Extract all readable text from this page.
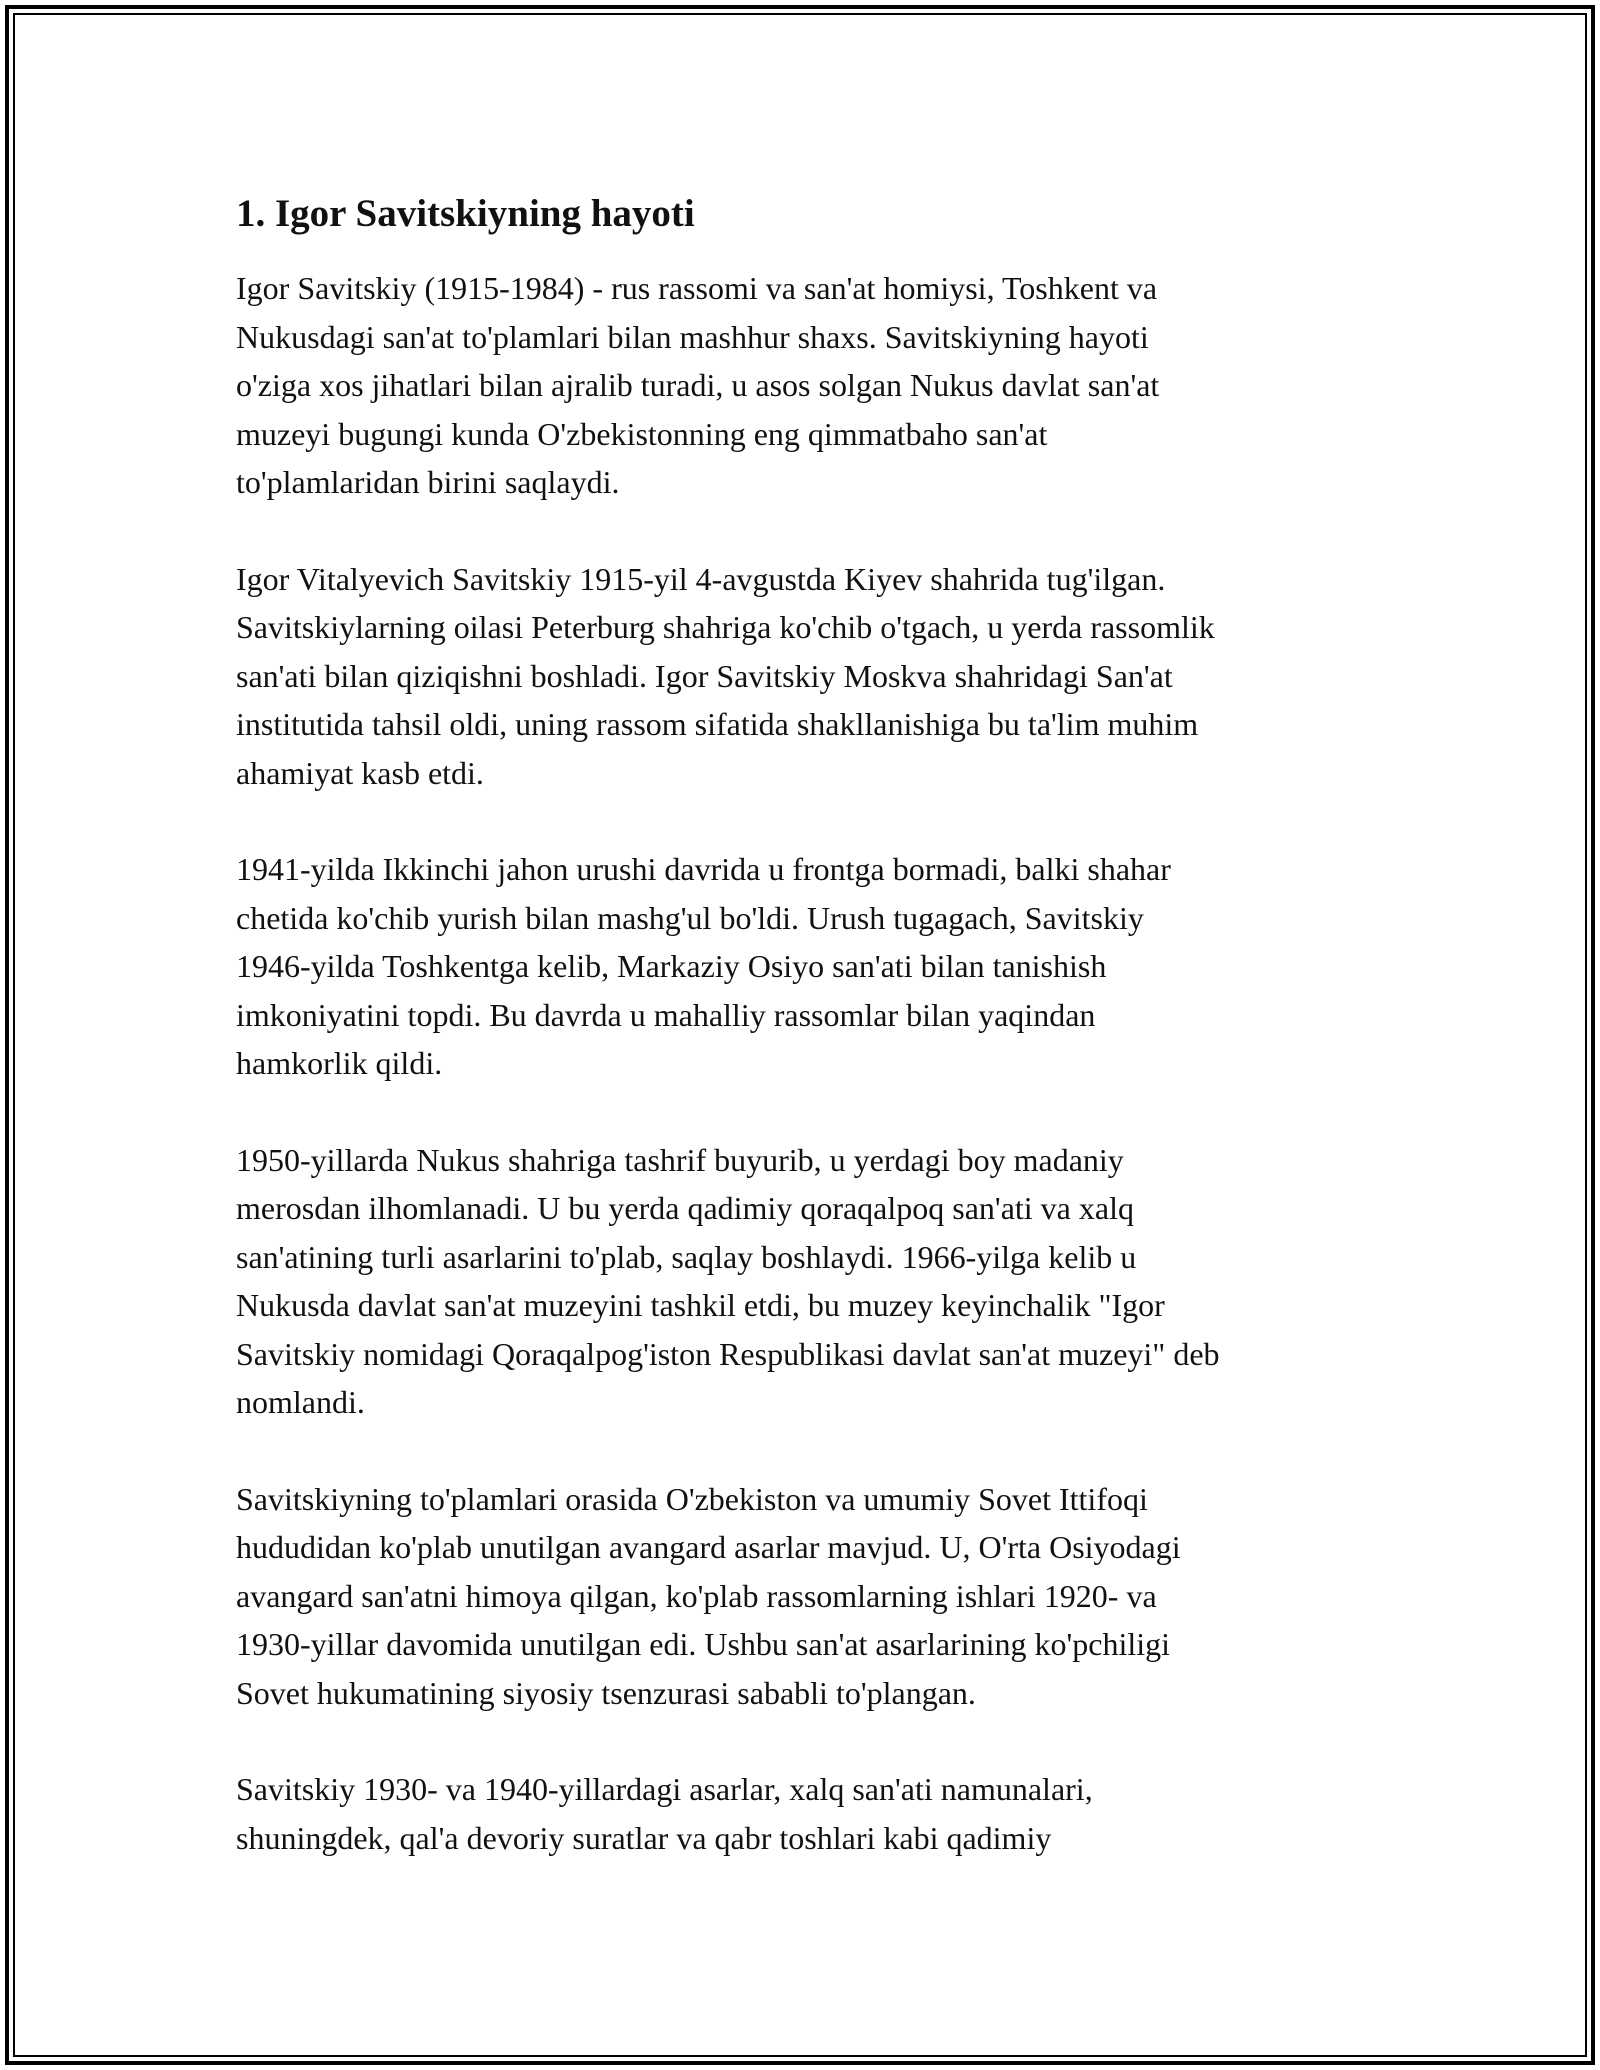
1. Igor Savitskiyning hayoti

Igor Savitskiy (1915-1984) - rus rassomi va san'at homiysi, Toshkent va
Nukusdagi san'at to'plamlari bilan mashhur shaxs. Savitskiyning hayoti
o'ziga xos jihatlari bilan ajralib turadi, u asos solgan Nukus davlat san'at
muzeyi bugungi kunda O'zbekistonning eng qimmatbaho san'at
to'plamlaridan birini saqlaydi.

Igor Vitalyevich Savitskiy 1915-yil 4-avgustda Kiyev shahrida tug'ilgan.
Savitskiylarning oilasi Peterburg shahriga ko'chib o'tgach, u yerda rassomlik
san'ati bilan qiziqishni boshladi. Igor Savitskiy Moskva shahridagi San'at
institutida tahsil oldi, uning rassom sifatida shakllanishiga bu ta'lim muhim
ahamiyat kasb etdi.

1941-yilda Ikkinchi jahon urushi davrida u frontga bormadi, balki shahar
chetida ko'chib yurish bilan mashg'ul bo'ldi. Urush tugagach, Savitskiy
1946-yilda Toshkentga kelib, Markaziy Osiyo san'ati bilan tanishish
imkoniyatini topdi. Bu davrda u mahalliy rassomlar bilan yaqindan
hamkorlik qildi.

1950-yillarda Nukus shahriga tashrif buyurib, u yerdagi boy madaniy
merosdan ilhomlanadi. U bu yerda qadimiy qoraqalpoq san'ati va xalq
san'atining turli asarlarini to'plab, saqlay boshlaydi. 1966-yilga kelib u
Nukusda davlat san'at muzeyini tashkil etdi, bu muzey keyinchalik "Igor
Savitskiy nomidagi Qoraqalpog'iston Respublikasi davlat san'at muzeyi" deb
nomlandi.

Savitskiyning to'plamlari orasida O'zbekiston va umumiy Sovet Ittifoqi
hududidan ko'plab unutilgan avangard asarlar mavjud. U, O'rta Osiyodagi
avangard san'atni himoya qilgan, ko'plab rassomlarning ishlari 1920- va
1930-yillar davomida unutilgan edi. Ushbu san'at asarlarining ko'pchiligi
Sovet hukumatining siyosiy tsenzurasi sababli to'plangan.

Savitskiy 1930- va 1940-yillardagi asarlar, xalq san'ati namunalari,
shuningdek, qal'a devoriy suratlar va qabr toshlari kabi qadimiy
